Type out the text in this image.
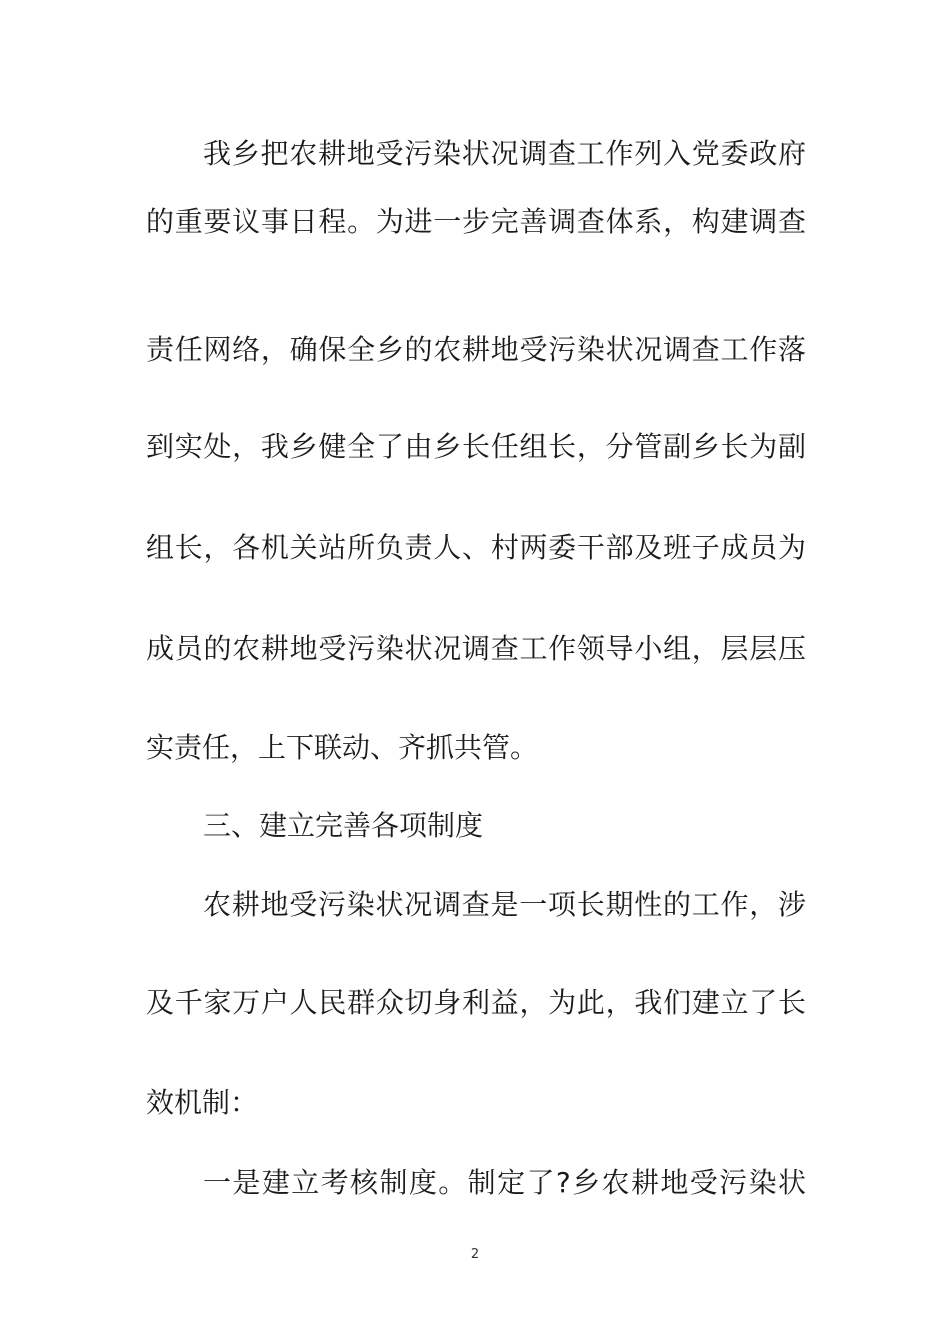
我乡把农耕地受污染状况调查工作列入党委政府
的重要议事日程。为进一步完善调查体系，构建调查
责任网络，确保全乡的农耕地受污染状况调查工作落
到实处，我乡健全了由乡长任组长，分管副乡长为副
组长，各机关站所负责人、村两委干部及班子成员为
成员的农耕地受污染状况调查工作领导小组，层层压
实责任，上下联动、齐抓共管。
三、建立完善各项制度
农耕地受污染状况调查是一项长期性的工作，涉
及千家万户人民群众切身利益，为此，我们建立了长
效机制：
一是建立考核制度。制定了?乡农耕地受污染状
2
